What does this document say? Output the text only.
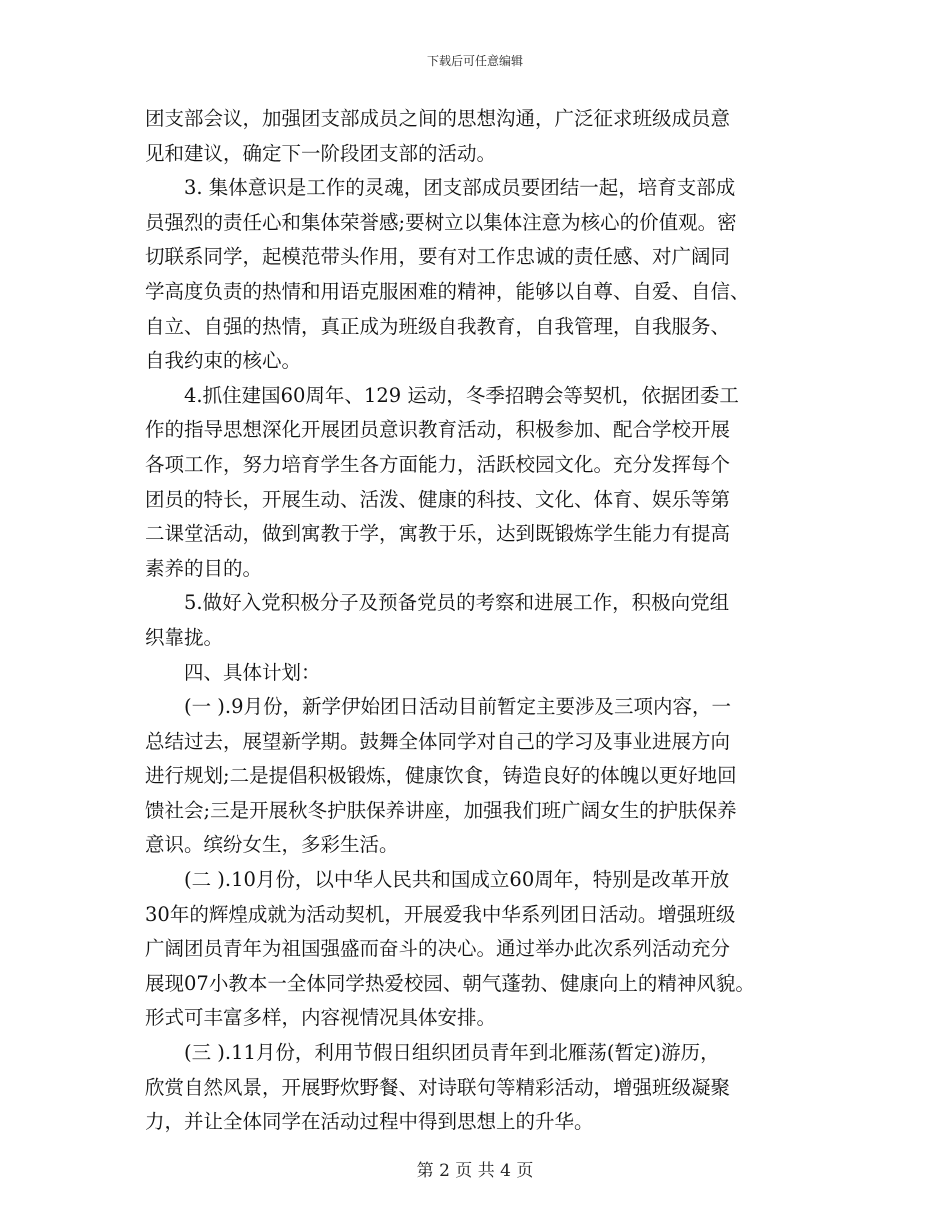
下载后可任意编辑

团支部会议，加强团支部成员之间的思想沟通，广泛征求班级成员意

见和建议，确定下一阶段团支部的活动。

　　3. 集体意识是工作的灵魂，团支部成员要团结一起，培育支部成

员强烈的责任心和集体荣誉感;要树立以集体注意为核心的价值观。密

切联系同学，起模范带头作用，要有对工作忠诚的责任感、对广阔同

学高度负责的热情和用语克服困难的精神，能够以自尊、自爱、自信、

自立、自强的热情，真正成为班级自我教育，自我管理，自我服务、

自我约束的核心。

　　4.抓住建国60周年、129 运动，冬季招聘会等契机，依据团委工

作的指导思想深化开展团员意识教育活动，积极参加、配合学校开展

各项工作，努力培育学生各方面能力，活跃校园文化。充分发挥每个

团员的特长，开展生动、活泼、健康的科技、文化、体育、娱乐等第

二课堂活动，做到寓教于学，寓教于乐，达到既锻炼学生能力有提高

素养的目的。

　　5.做好入党积极分子及预备党员的考察和进展工作，积极向党组

织靠拢。

　　四、具体计划：

　　(一 ).9月份，新学伊始团日活动目前暂定主要涉及三项内容，一

总结过去，展望新学期。鼓舞全体同学对自己的学习及事业进展方向

进行规划;二是提倡积极锻炼，健康饮食，铸造良好的体魄以更好地回

馈社会;三是开展秋冬护肤保养讲座，加强我们班广阔女生的护肤保养

意识。缤纷女生，多彩生活。

　　(二 ).10月份，以中华人民共和国成立60周年，特别是改革开放

30年的辉煌成就为活动契机，开展爱我中华系列团日活动。增强班级

广阔团员青年为祖国强盛而奋斗的决心。通过举办此次系列活动充分

展现07小教本一全体同学热爱校园、朝气蓬勃、健康向上的精神风貌。

形式可丰富多样，内容视情况具体安排。

　　(三 ).11月份，利用节假日组织团员青年到北雁荡(暂定)游历，

欣赏自然风景，开展野炊野餐、对诗联句等精彩活动，增强班级凝聚

力，并让全体同学在活动过程中得到思想上的升华。

第 2 页 共 4 页
